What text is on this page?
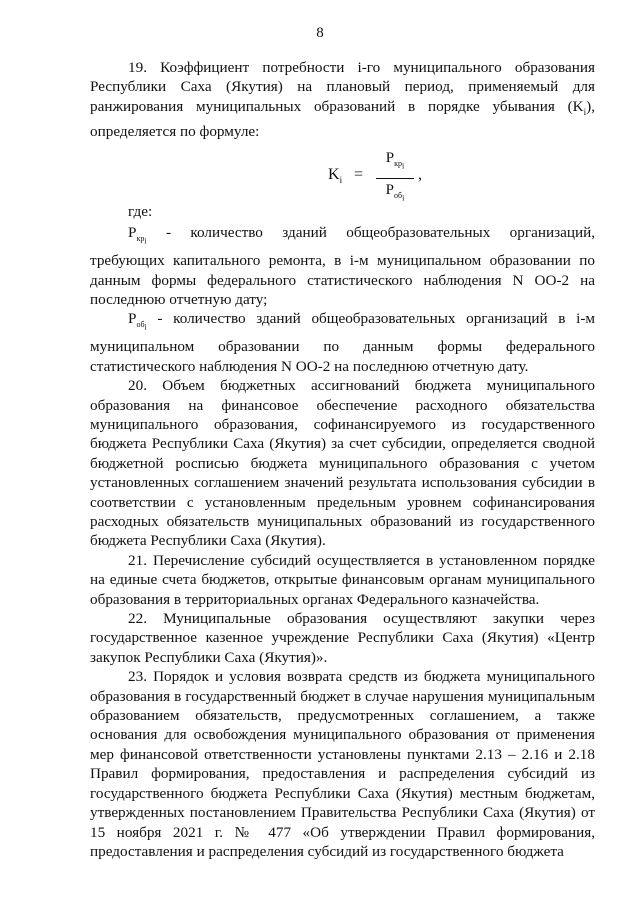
8

19. Коэффициент потребности i-го муниципального образования Республики Саха (Якутия) на плановый период, применяемый для ранжирования муниципальных образований в порядке убывания $(K_i)$, определяется по формуле:

$K_i$ =
$P_{кр_i}$
$P_{об_i}$
,

где:

$P_{кр_i}$ - количество зданий общеобразовательных организаций, требующих капитального ремонта, в i-м муниципальном образовании по данным формы федерального статистического наблюдения N ОО-2 на последнюю отчетную дату;

$P_{об_i}$ - количество зданий общеобразовательных организаций в i-м муниципальном образовании по данным формы федерального статистического наблюдения N ОО-2 на последнюю отчетную дату.

20. Объем бюджетных ассигнований бюджета муниципального образования на финансовое обеспечение расходного обязательства муниципального образования, софинансируемого из государственного бюджета Республики Саха (Якутия) за счет субсидии, определяется сводной бюджетной росписью бюджета муниципального образования с учетом установленных соглашением значений результата использования субсидии в соответствии с установленным предельным уровнем софинансирования расходных обязательств муниципальных образований из государственного бюджета Республики Саха (Якутия).

21. Перечисление субсидий осуществляется в установленном порядке на единые счета бюджетов, открытые финансовым органам муниципального образования в территориальных органах Федерального казначейства.

22. Муниципальные образования осуществляют закупки через государственное казенное учреждение Республики Саха (Якутия) «Центр закупок Республики Саха (Якутия)».

23. Порядок и условия возврата средств из бюджета муниципального образования в государственный бюджет в случае нарушения муниципальным образованием обязательств, предусмотренных соглашением, а также основания для освобождения муниципального образования от применения мер финансовой ответственности установлены пунктами 2.13 – 2.16 и 2.18 Правил формирования, предоставления и распределения субсидий из государственного бюджета Республики Саха (Якутия) местным бюджетам, утвержденных постановлением Правительства Республики Саха (Якутия) от 15 ноября 2021 г. № 477 «Об утверждении Правил формирования, предоставления и распределения субсидий из государственного бюджета
